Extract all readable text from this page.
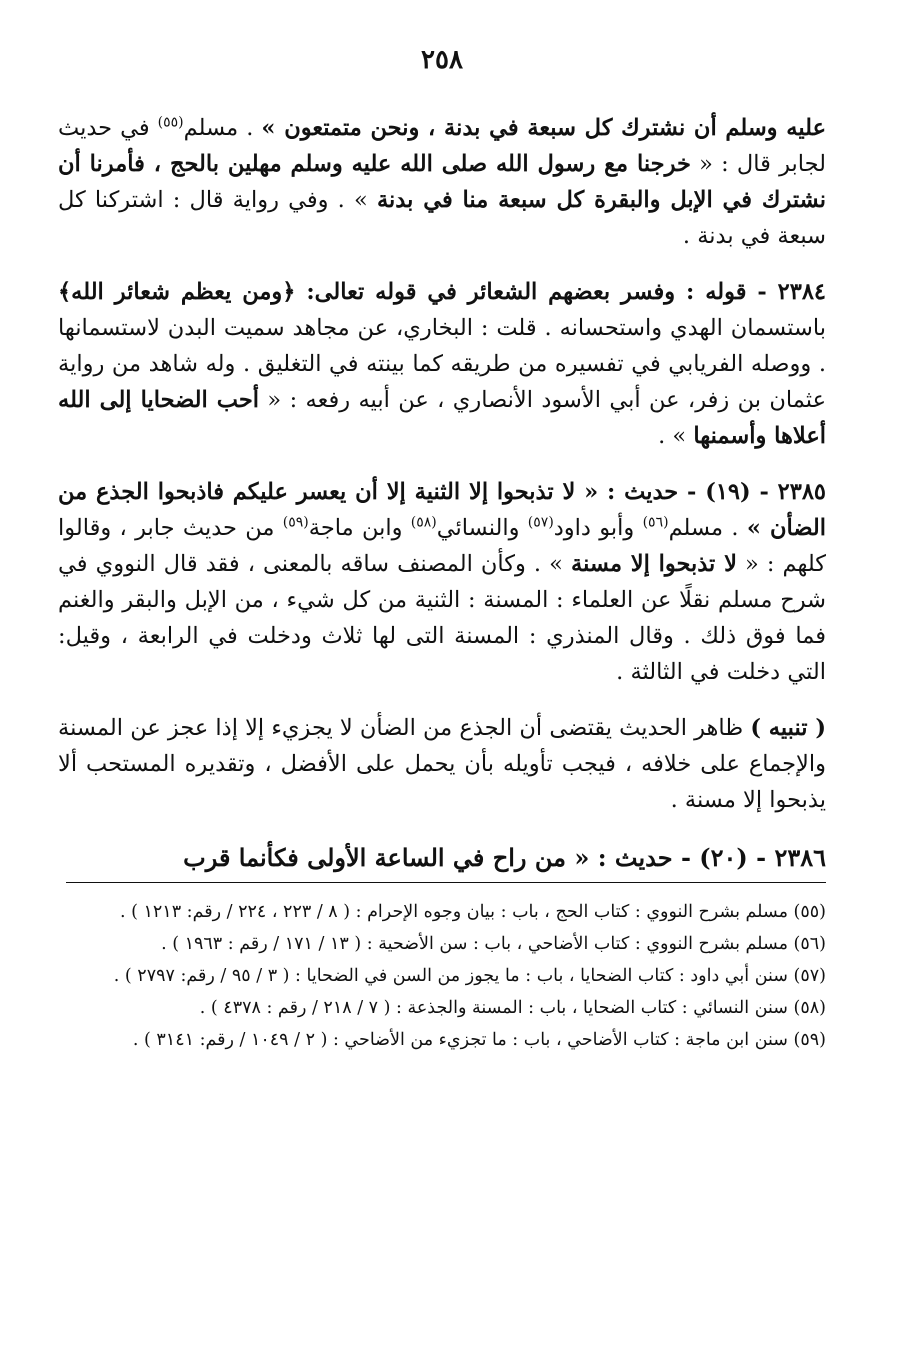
٢٥٨

عليه وسلم أن نشترك كل سبعة في بدنة ، ونحن متمتعون » . مسلم$^{(٥٥)}$ في حديث لجابر قال : « خرجنا مع رسول الله صلى الله عليه وسلم مهلين بالحج ، فأمرنا أن نشترك في الإبل والبقرة كل سبعة منا في بدنة » . وفي رواية قال : اشتركنا كل سبعة في بدنة .

٢٣٨٤ - قوله : وفسر بعضهم الشعائر في قوله تعالى: ﴿ومن يعظم شعائر الله﴾ باستسمان الهدي واستحسانه . قلت : البخاري، عن مجاهد سميت البدن لاستسمانها . ووصله الفريابي في تفسيره من طريقه كما بينته في التغليق . وله شاهد من رواية عثمان بن زفر، عن أبي الأسود الأنصاري ، عن أبيه رفعه : « أحب الضحايا إلى الله أعلاها وأسمنها » .

٢٣٨٥ - (١٩) - حديث : « لا تذبحوا إلا الثنية إلا أن يعسر عليكم فاذبحوا الجذع من الضأن » . مسلم$^{(٥٦)}$ وأبو داود$^{(٥٧)}$ والنسائي$^{(٥٨)}$ وابن ماجة$^{(٥٩)}$ من حديث جابر ، وقالوا كلهم : « لا تذبحوا إلا مسنة » . وكأن المصنف ساقه بالمعنى ، فقد قال النووي في شرح مسلم نقلًا عن العلماء : المسنة : الثنية من كل شيء ، من الإبل والبقر والغنم فما فوق ذلك . وقال المنذري : المسنة التى لها ثلاث ودخلت في الرابعة ، وقيل: التي دخلت في الثالثة .

( تنبيه ) ظاهر الحديث يقتضى أن الجذع من الضأن لا يجزيء إلا إذا عجز عن المسنة والإجماع على خلافه ، فيجب تأويله بأن يحمل على الأفضل ، وتقديره المستحب ألا يذبحوا إلا مسنة .

٢٣٨٦ - (٢٠) - حديث : « من راح في الساعة الأولى فكأنما قرب

(٥٥) مسلم بشرح النووي : كتاب الحج ، باب : بيان وجوه الإحرام : ( ٨ / ٢٢٣ ، ٢٢٤ / رقم: ١٢١٣ ) .

(٥٦) مسلم بشرح النووي : كتاب الأضاحي ، باب : سن الأضحية : ( ١٣ / ١٧١ / رقم : ١٩٦٣ ) .

(٥٧) سنن أبي داود : كتاب الضحايا ، باب : ما يجوز من السن في الضحايا : ( ٣ / ٩٥ / رقم: ٢٧٩٧ ) .

(٥٨) سنن النسائي : كتاب الضحايا ، باب : المسنة والجذعة : ( ٧ / ٢١٨ / رقم : ٤٣٧٨ ) .

(٥٩) سنن ابن ماجة : كتاب الأضاحي ، باب : ما تجزيء من الأضاحي : ( ٢ / ١٠٤٩ / رقم: ٣١٤١ ) .
